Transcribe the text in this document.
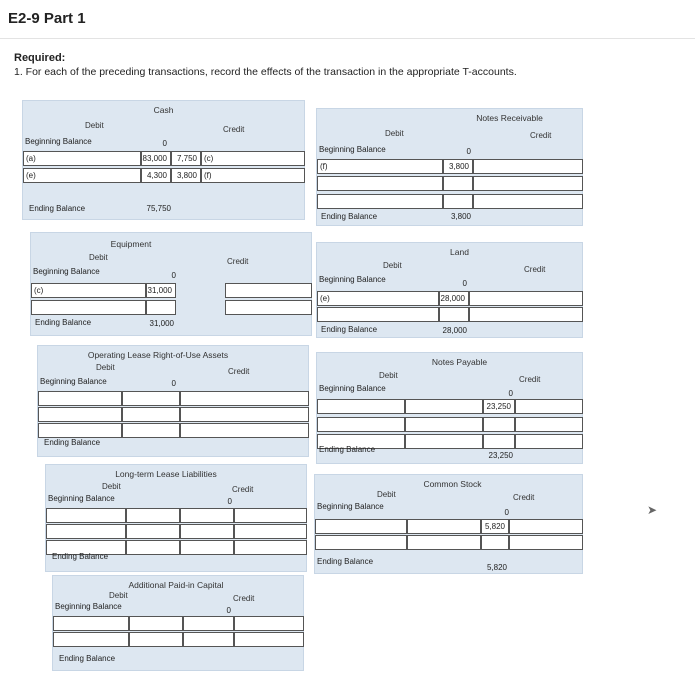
E2-9 Part 1
Required:
1. For each of the preceding transactions, record the effects of the transaction in the appropriate T-accounts.
Cash
Debit	Credit
Beginning Balance	0
(a)	83,000	7,750 (c)
(e)	4,300	3,800 (f)
Ending Balance	75,750
Notes Receivable
Debit	Credit
Beginning Balance	0
(f)	3,800
Ending Balance	3,800
Equipment
Debit	Credit
Beginning Balance	0
(c)	31,000
Ending Balance	31,000
Land
Debit	Credit
Beginning Balance	0
(e)	28,000
Ending Balance	28,000
Operating Lease Right-of-Use Assets
Debit	Credit
Beginning Balance	0
Ending Balance
Notes Payable
Debit	Credit
Beginning Balance
0
23,250
Ending Balance
23,250
Long-term Lease Liabilities
Debit	Credit
Beginning Balance	0
Ending Balance
Common Stock
Debit	Credit
Beginning Balance
0
5,820
Ending Balance
5,820
Additional Paid-in Capital
Debit	Credit
Beginning Balance	0
Ending Balance
➤
